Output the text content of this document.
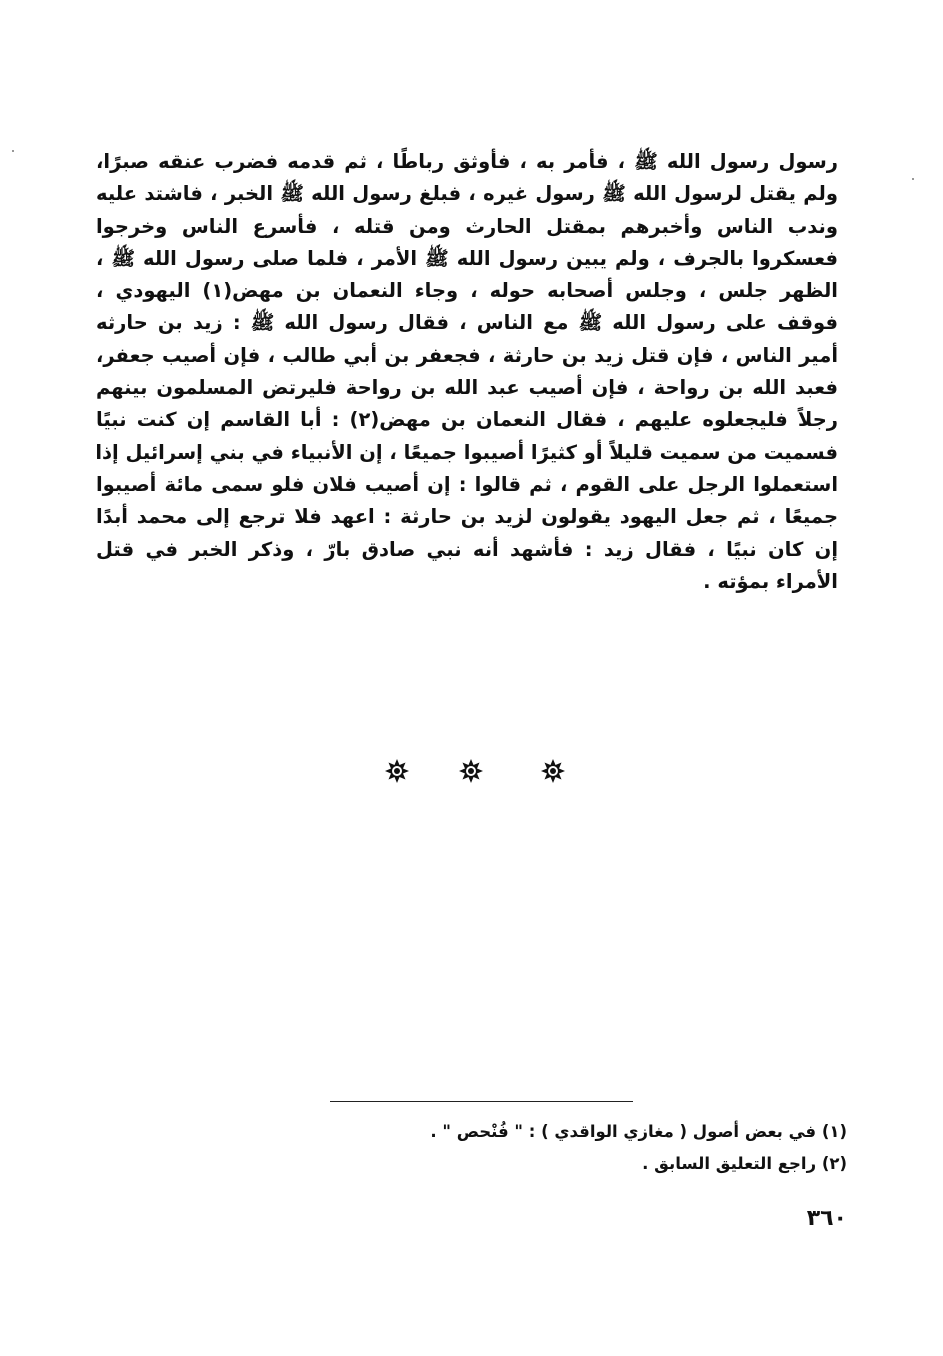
رسول رسول الله ﷺ ، فأمر به ، فأوثق رباطًا ، ثم قدمه فضرب عنقه صبرًا،
ولم يقتل لرسول الله ﷺ رسول غيره ، فبلغ رسول الله ﷺ الخبر ، فاشتد عليه
وندب الناس وأخبرهم بمقتل الحارث ومن قتله ، فأسرع الناس وخرجوا
فعسكروا بالجرف ، ولم يبين رسول الله ﷺ الأمر ، فلما صلى رسول الله ﷺ ،
الظهر جلس ، وجلس أصحابه حوله ، وجاء النعمان بن مهض(١) اليهودي ،
فوقف على رسول الله ﷺ مع الناس ، فقال رسول الله ﷺ : زيد بن حارثه
أمير الناس ، فإن قتل زيد بن حارثة ، فجعفر بن أبي طالب ، فإن أصيب جعفر،
فعبد الله بن رواحة ، فإن أصيب عبد الله بن رواحة فليرتض المسلمون بينهم
رجلاً فليجعلوه عليهم ، فقال النعمان بن مهض(٢) : أبا القاسم إن كنت نبيًا
فسميت من سميت قليلاً أو كثيرًا أصيبوا جميعًا ، إن الأنبياء في بني إسرائيل إذا
استعملوا الرجل على القوم ، ثم قالوا : إن أصيب فلان فلو سمى مائة أصيبوا
جميعًا ، ثم جعل اليهود يقولون لزيد بن حارثة : اعهد فلا ترجع إلى محمد أبدًا
إن كان نبيًا ، فقال زيد : فأشهد أنه نبي صادق بارّ ، وذكر الخبر في قتل
الأمراء بمؤته .
(١) في بعض أصول ( مغازي الواقدي ) : " فُنْحص " .
(٢) راجع التعليق السابق .
٣٦٠
